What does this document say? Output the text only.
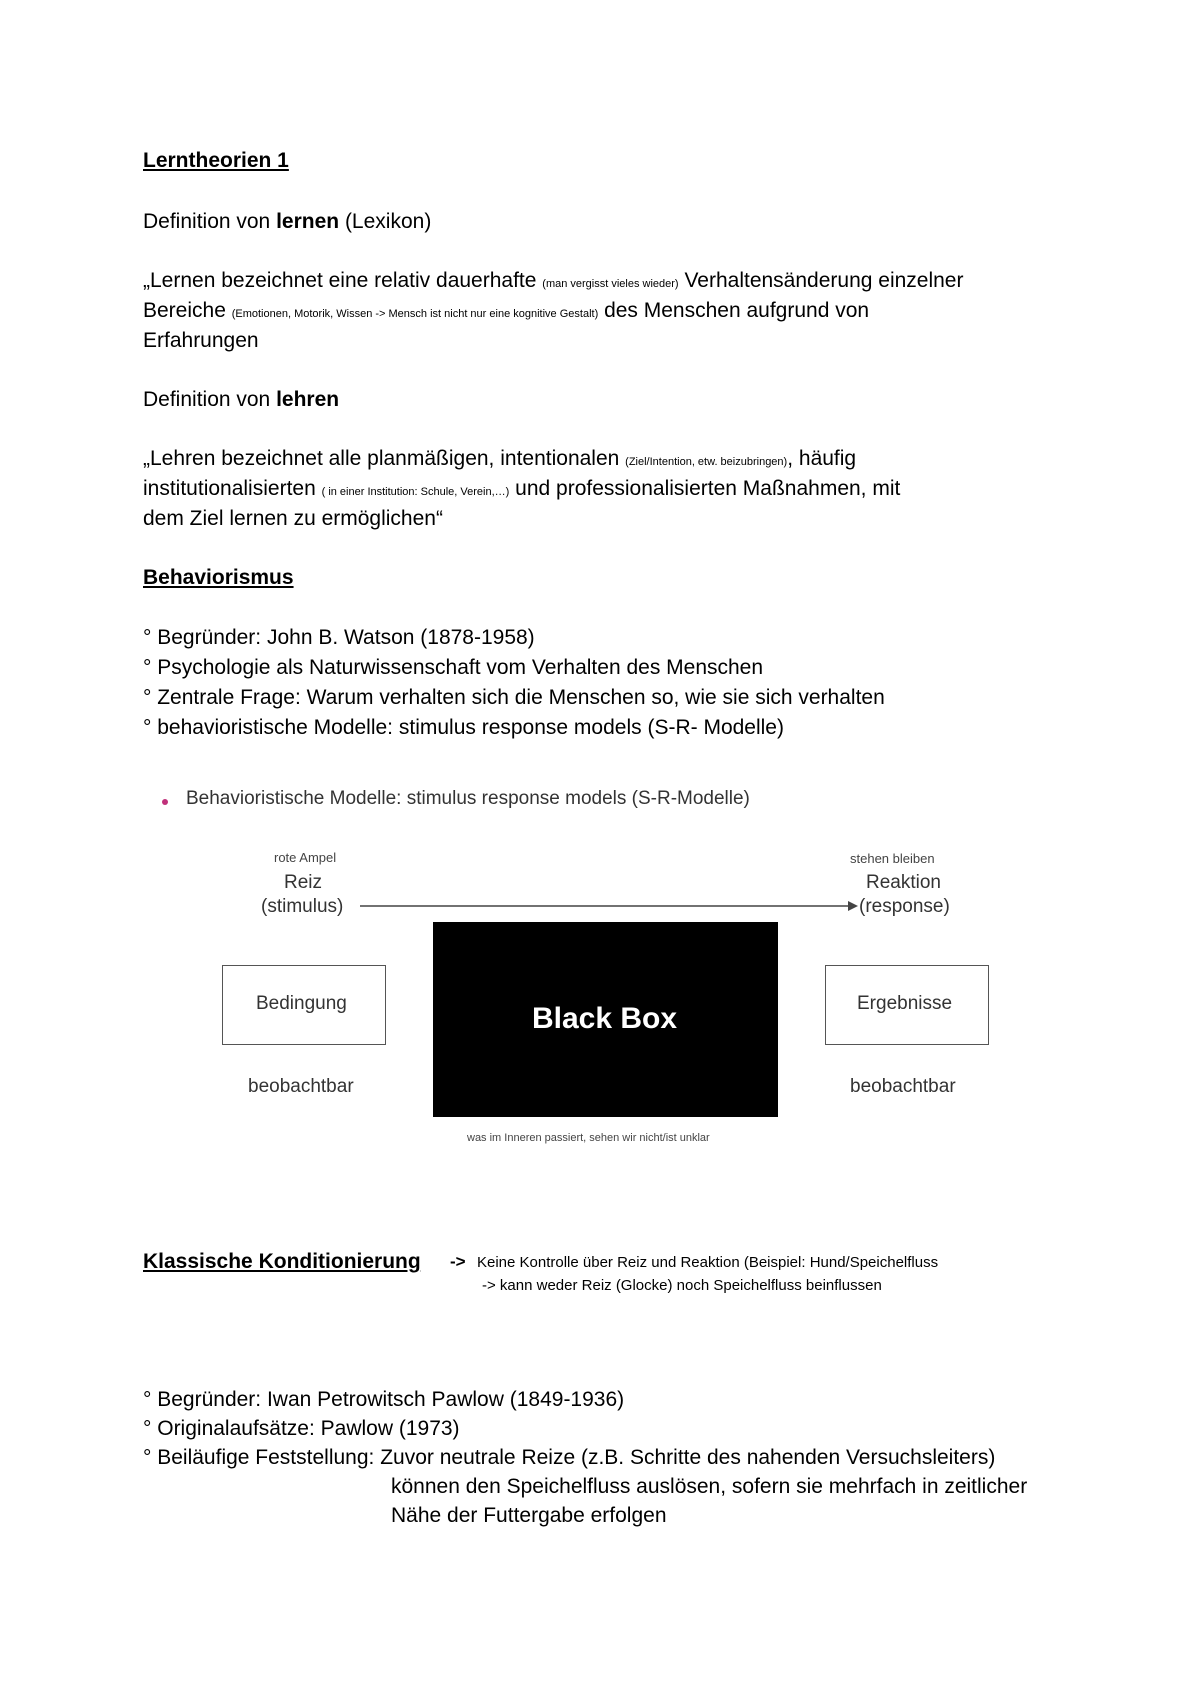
Lerntheorien 1
Definition von lernen (Lexikon)
„Lernen bezeichnet eine relativ dauerhafte (man vergisst vieles wieder) Verhaltensänderung einzelner
Bereiche (Emotionen, Motorik, Wissen -> Mensch ist nicht nur eine kognitive Gestalt) des Menschen aufgrund von
Erfahrungen
Definition von lehren
„Lehren bezeichnet alle planmäßigen, intentionalen (Ziel/Intention, etw. beizubringen), häufig
institutionalisierten ( in einer Institution: Schule, Verein,…) und professionalisierten Maßnahmen, mit
dem Ziel lernen zu ermöglichen“
Behaviorismus
° Begründer: John B. Watson (1878-1958)
° Psychologie als Naturwissenschaft vom Verhalten des Menschen
° Zentrale Frage: Warum verhalten sich die Menschen so, wie sie sich verhalten
° behavioristische Modelle: stimulus response models (S-R- Modelle)
Behavioristische Modelle: stimulus response models (S-R-Modelle)
rote Ampel
Reiz
(stimulus)
stehen bleiben
Reaktion
(response)
Bedingung	Black Box	Ergebnisse
beobachtbar	beobachtbar
was im Inneren passiert, sehen wir nicht/ist unklar
Klassische Konditionierung -> Keine Kontrolle über Reiz und Reaktion (Beispiel: Hund/Speichelfluss
-> kann weder Reiz (Glocke) noch Speichelfluss beinflussen
° Begründer: Iwan Petrowitsch Pawlow (1849-1936)
° Originalaufsätze: Pawlow (1973)
° Beiläufige Feststellung: Zuvor neutrale Reize (z.B. Schritte des nahenden Versuchsleiters)
können den Speichelfluss auslösen, sofern sie mehrfach in zeitlicher
Nähe der Futtergabe erfolgen
